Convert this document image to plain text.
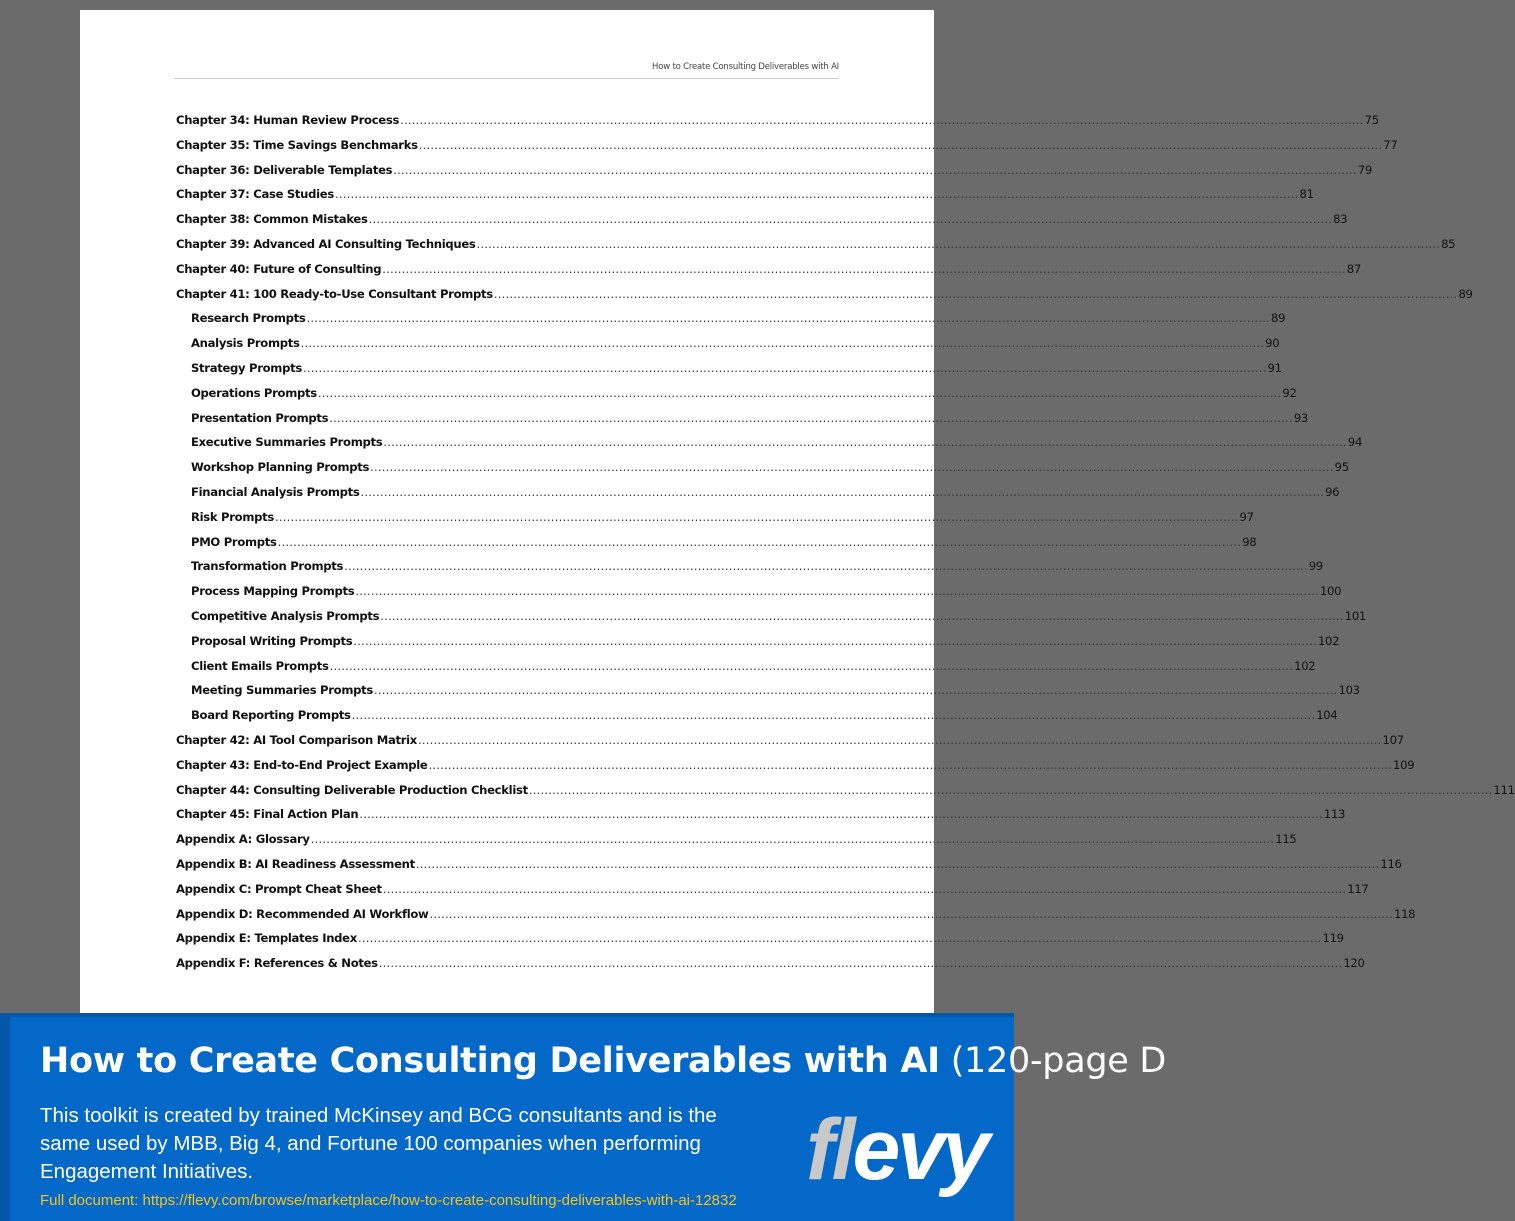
How to Create Consulting Deliverables with AI
Chapter 34: Human Review Process .....	75
Chapter 35: Time Savings Benchmarks .....	77
Chapter 36: Deliverable Templates .....	79
Chapter 37: Case Studies .....	81
Chapter 38: Common Mistakes .....	83
Chapter 39: Advanced AI Consulting Techniques .....	85
Chapter 40: Future of Consulting .....	87
Chapter 41: 100 Ready-to-Use Consultant Prompts .....	89
Research Prompts .....	89
Analysis Prompts .....	90
Strategy Prompts .....	91
Operations Prompts .....	92
Presentation Prompts .....	93
Executive Summaries Prompts .....	94
Workshop Planning Prompts .....	95
Financial Analysis Prompts .....	96
Risk Prompts .....	97
PMO Prompts .....	98
Transformation Prompts .....	99
Process Mapping Prompts .....	100
Competitive Analysis Prompts .....	101
Proposal Writing Prompts .....	102
Client Emails Prompts .....	102
Meeting Summaries Prompts .....	103
Board Reporting Prompts .....	104
Chapter 42: AI Tool Comparison Matrix .....	107
Chapter 43: End-to-End Project Example .....	109
Chapter 44: Consulting Deliverable Production Checklist .....	111
Chapter 45: Final Action Plan .....	113
Appendix A: Glossary .....	115
Appendix B: AI Readiness Assessment .....	116
Appendix C: Prompt Cheat Sheet .....	117
Appendix D: Recommended AI Workflow .....	118
Appendix E: Templates Index .....	119
Appendix F: References & Notes .....	120
How to Create Consulting Deliverables with AI (120-page D
This toolkit is created by trained McKinsey and BCG consultants and is the same used by MBB, Big 4, and Fortune 100 companies when performing Engagement Initiatives.
Full document: https://flevy.com/browse/marketplace/how-to-create-consulting-deliverables-with-ai-12832
flevy
